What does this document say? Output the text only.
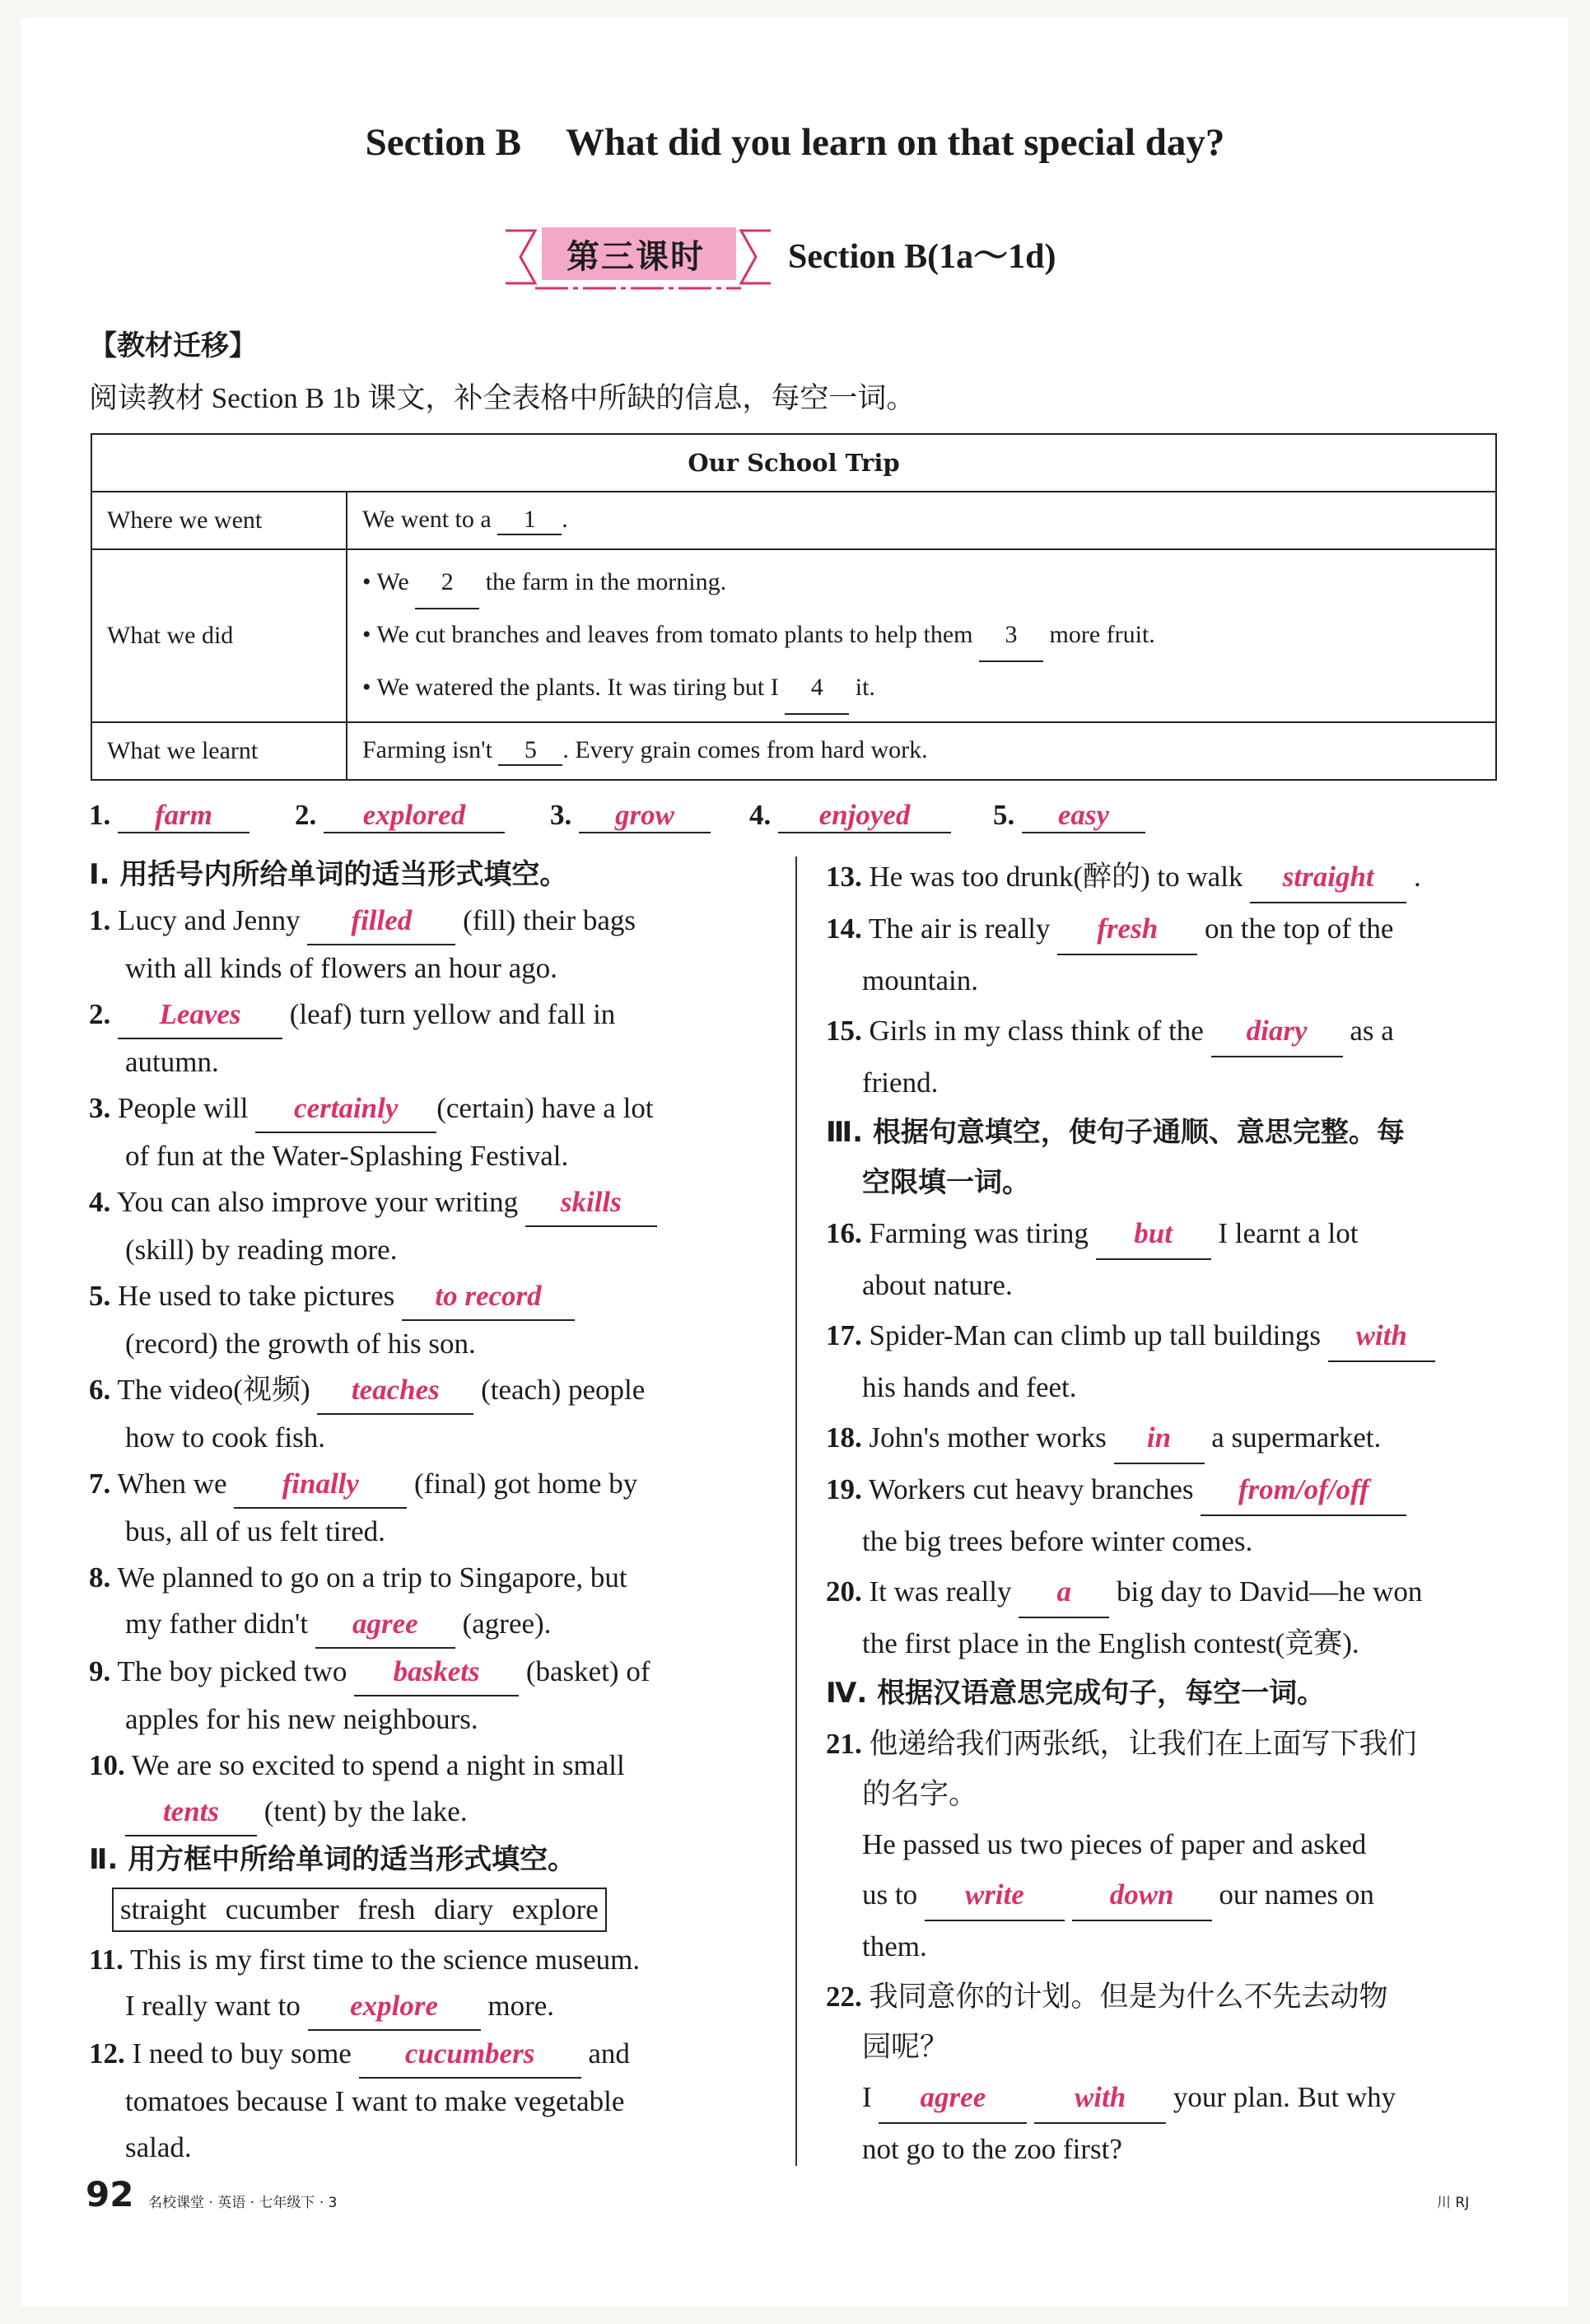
Section B What did you learn on that special day?
第三课时 Section B(1a～1d)
【教材迁移】
阅读教材 Section B 1b 课文，补全表格中所缺的信息，每空一词。
Our School Trip	
Where we went	We went to a 1 .
What we did	• We 2 the farm in the morning.
• We cut branches and leaves from tomato plants to help them 3 more fruit.
• We watered the plants. It was tiring but I 4 it.

What we learnt	Farming isn't 5 . Every grain comes from hard work.
1. farm	2. explored	3. grow	4. enjoyed	5. easy
Ⅰ. 用括号内所给单词的适当形式填空。
1. Lucy and Jenny filled (fill) their bags
with all kinds of flowers an hour ago.
2. Leaves (leaf) turn yellow and fall in
autumn.
3. People will certainly (certain) have a lot
of fun at the Water-Splashing Festival.
4. You can also improve your writing skills
(skill) by reading more.
5. He used to take pictures to record
(record) the growth of his son.
6. The video(视频) teaches (teach) people
how to cook fish.
7. When we finally (final) got home by
bus, all of us felt tired.
8. We planned to go on a trip to Singapore, but
my father didn't agree (agree).
9. The boy picked two baskets (basket) of
apples for his new neighbours.
10. We are so excited to spend a night in small
tents (tent) by the lake.
Ⅱ. 用方框中所给单词的适当形式填空。
straight cucumber fresh diary explore
11. This is my first time to the science museum.
I really want to explore more.
12. I need to buy some cucumbers and
tomatoes because I want to make vegetable
salad.
13. He was too drunk(醉的) to walk straight .
14. The air is really fresh on the top of the
mountain.
15. Girls in my class think of the diary as a
friend.
Ⅲ. 根据句意填空，使句子通顺、意思完整。每
空限填一词。
16. Farming was tiring but I learnt a lot
about nature.
17. Spider-Man can climb up tall buildings with
his hands and feet.
18. John's mother works in a supermarket.
19. Workers cut heavy branches from/of/off
the big trees before winter comes.
20. It was really a big day to David—he won
the first place in the English contest(竞赛).
Ⅳ. 根据汉语意思完成句子，每空一词。
21. 他递给我们两张纸，让我们在上面写下我们
的名字。
He passed us two pieces of paper and asked
us to write	down our names on
them.
22. 我同意你的计划。但是为什么不先去动物
园呢？
I agree	with your plan. But why
not go to the zoo first?
92 名校课堂 · 英语 · 七年级下 · 3	川 RJ
